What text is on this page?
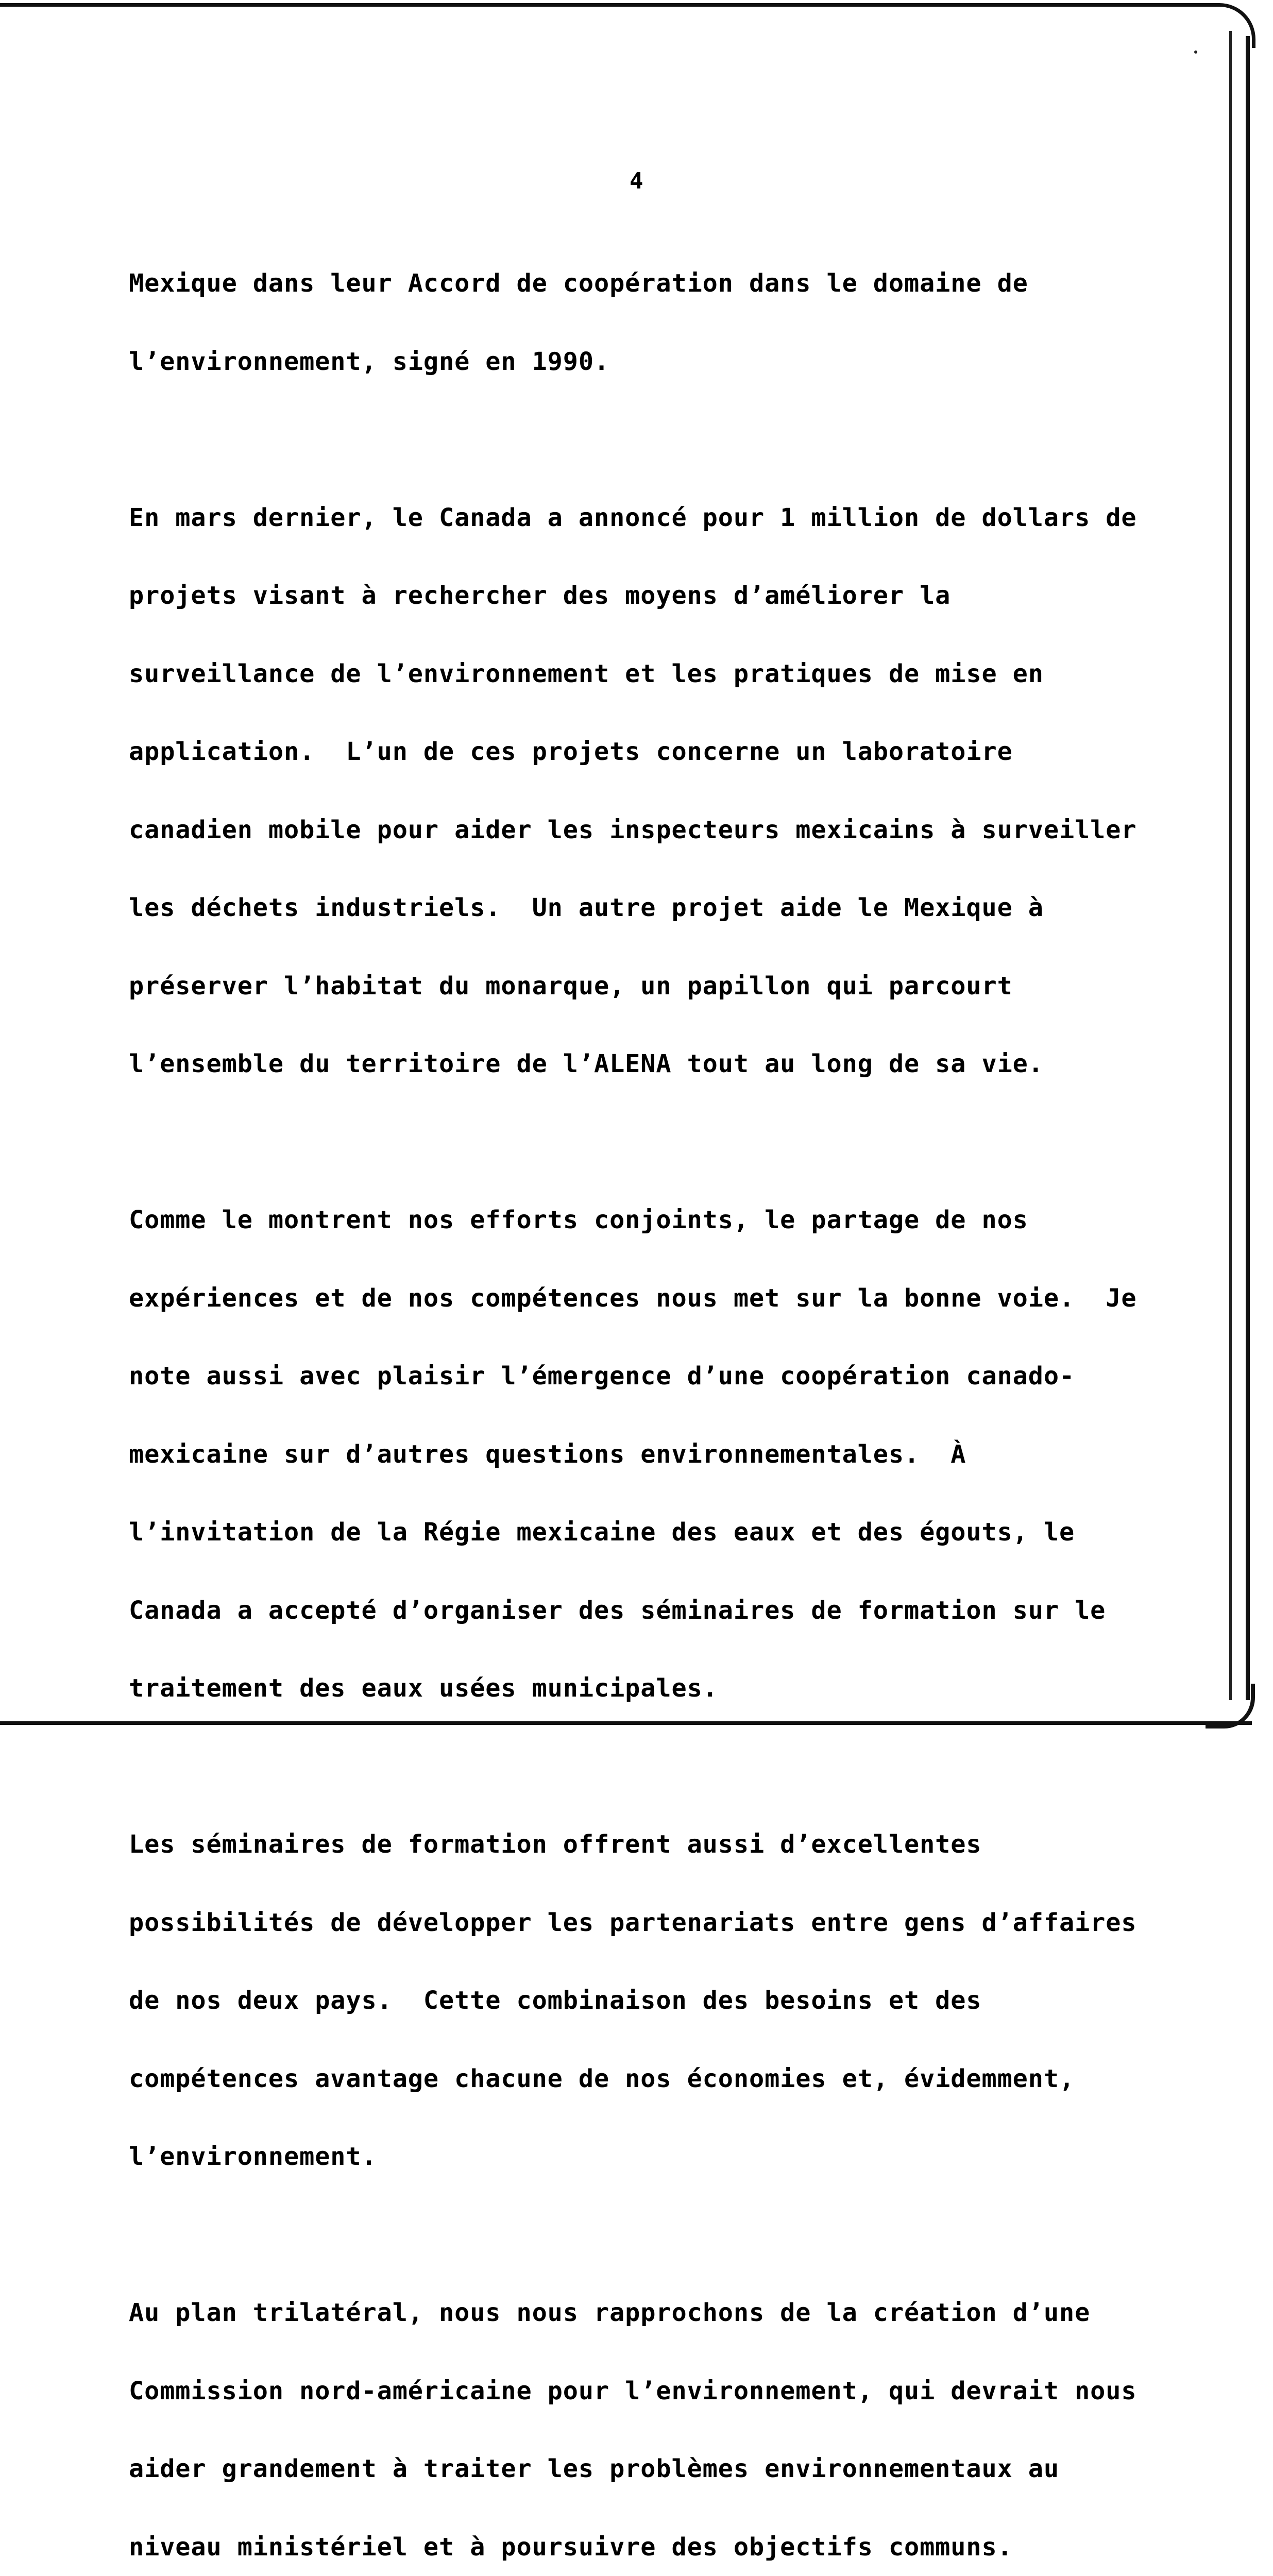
4

Mexique dans leur Accord de coopération dans le domaine de

l’environnement, signé en 1990.

En mars dernier, le Canada a annoncé pour 1 million de dollars de

projets visant à rechercher des moyens d’améliorer la

surveillance de l’environnement et les pratiques de mise en

application.  L’un de ces projets concerne un laboratoire

canadien mobile pour aider les inspecteurs mexicains à surveiller

les déchets industriels.  Un autre projet aide le Mexique à

préserver l’habitat du monarque, un papillon qui parcourt

l’ensemble du territoire de l’ALENA tout au long de sa vie.

Comme le montrent nos efforts conjoints, le partage de nos

expériences et de nos compétences nous met sur la bonne voie.  Je

note aussi avec plaisir l’émergence d’une coopération canado-

mexicaine sur d’autres questions environnementales.  À

l’invitation de la Régie mexicaine des eaux et des égouts, le

Canada a accepté d’organiser des séminaires de formation sur le

traitement des eaux usées municipales.

Les séminaires de formation offrent aussi d’excellentes

possibilités de développer les partenariats entre gens d’affaires

de nos deux pays.  Cette combinaison des besoins et des

compétences avantage chacune de nos économies et, évidemment,

l’environnement.

Au plan trilatéral, nous nous rapprochons de la création d’une

Commission nord-américaine pour l’environnement, qui devrait nous

aider grandement à traiter les problèmes environnementaux au

niveau ministériel et à poursuivre des objectifs communs.
